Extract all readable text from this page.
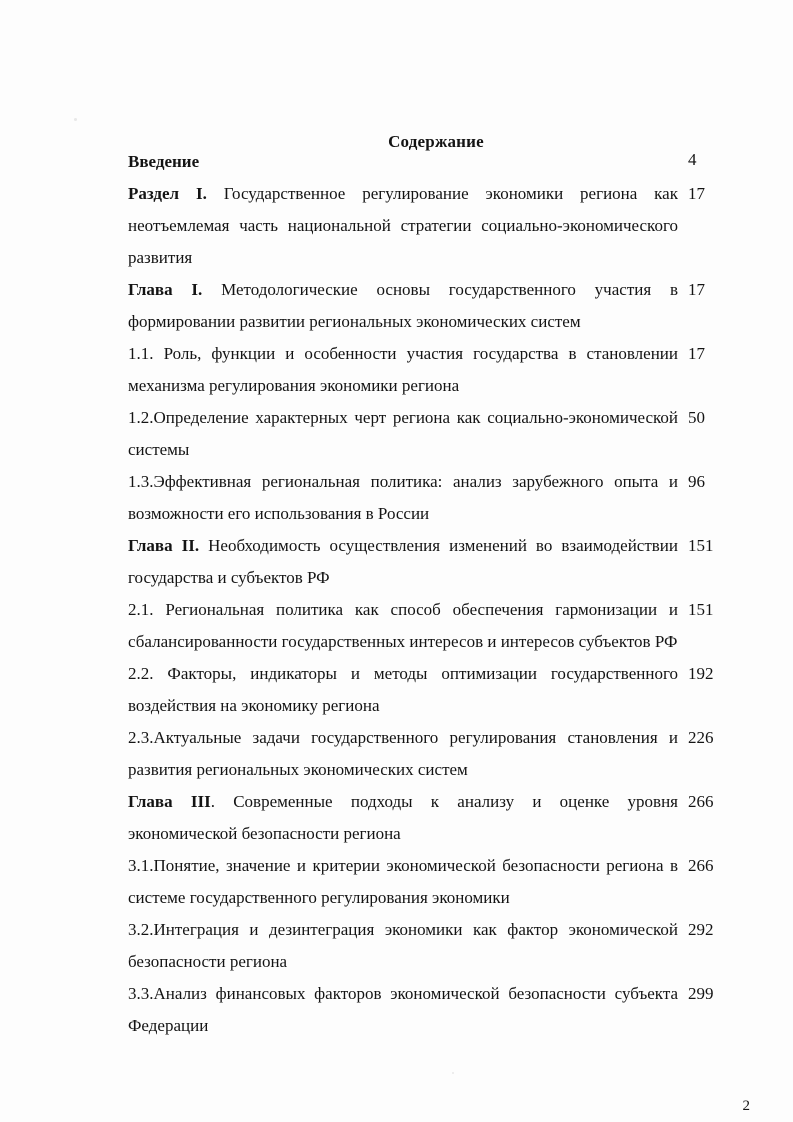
Содержание
Введение	4
Раздел I. Государственное регулирование экономики региона как неотъемлемая часть национальной стратегии социально-экономического развития
17
Глава I. Методологические основы государственного участия в формировании развитии региональных экономических систем
17
1.1. Роль, функции и особенности участия государства в становлении механизма регулирования экономики региона
17
1.2.Определение характерных черт региона как социально-экономической системы
50
1.3.Эффективная региональная политика: анализ зарубежного опыта и возможности его использования в России
96
Глава II. Необходимость осуществления изменений во взаимодействии государства и субъектов РФ
151
2.1. Региональная политика как способ обеспечения гармонизации и сбалансированности государственных интересов и интересов субъектов РФ
151
2.2. Факторы, индикаторы и методы оптимизации государственного воздействия на экономику региона
192
2.3.Актуальные задачи государственного регулирования становления и развития региональных экономических систем
226
Глава III. Современные подходы к анализу и оценке уровня экономической безопасности региона
266
3.1.Понятие, значение и критерии экономической безопасности региона в системе государственного регулирования экономики
266
3.2.Интеграция и дезинтеграция экономики как фактор экономической безопасности региона
292
3.3.Анализ финансовых факторов экономической безопасности субъекта Федерации
299
2
